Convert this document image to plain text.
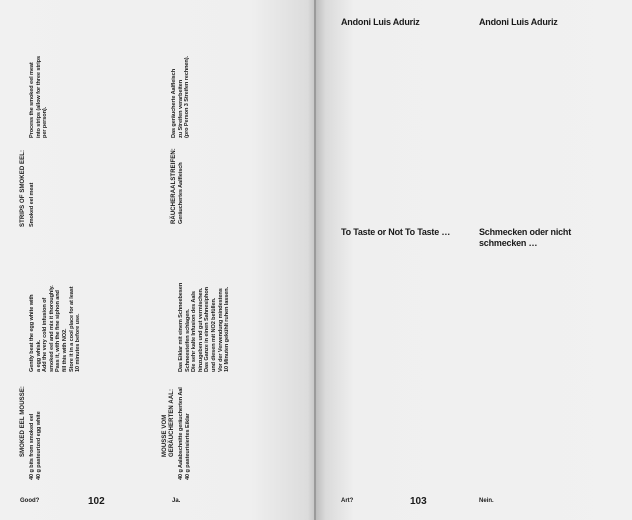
SMOKED EEL MOUSSE:
40 g bits from smoked eel
40 g pasteurized egg white
Gently beat the egg white with
a egg whisk.
Add the very cold infusion of
smoked eel and mix it thoroughly.
Pass it, with the fine siphon and
fill this with NO2.
Store it in a cool place for at least
10 minutes before use.
STRIPS OF SMOKED EEL: Smoked eel meat
Process the smoked eel meat
into strips (allow for three strips
per person).
MOUSSE VOM
GERÄUCHERTEN AAL:
40 g Aalabschnitte geräucherten Aal
40 g pasteurisiertes Eiklar
Das Eiklar mit einem Schneebesen
Schneesteifen schlagen.
Die sehr kalte Infusion des Aals
hinzugeben und gut vermischen.
Das Ganze in einen Sahnesiphon
und diesen mit NO2 befüllen.
Vor der Verwendung mindestens
10 Minuten gekühlt ruhen lassen.
RÄUCHERAALSTREIFEN: Geräuchertes Aalfleisch
Das geräucherte Aalfleisch
zu Streifen verarbeiten
(pro Person 3 Streifen rechnen).
Good?	102	Ja.
Andoni Luis Aduriz	Andoni Luis Aduriz
To Taste or Not To Taste …	Schmecken oder nicht
schmecken …
Art?	103	Nein.
